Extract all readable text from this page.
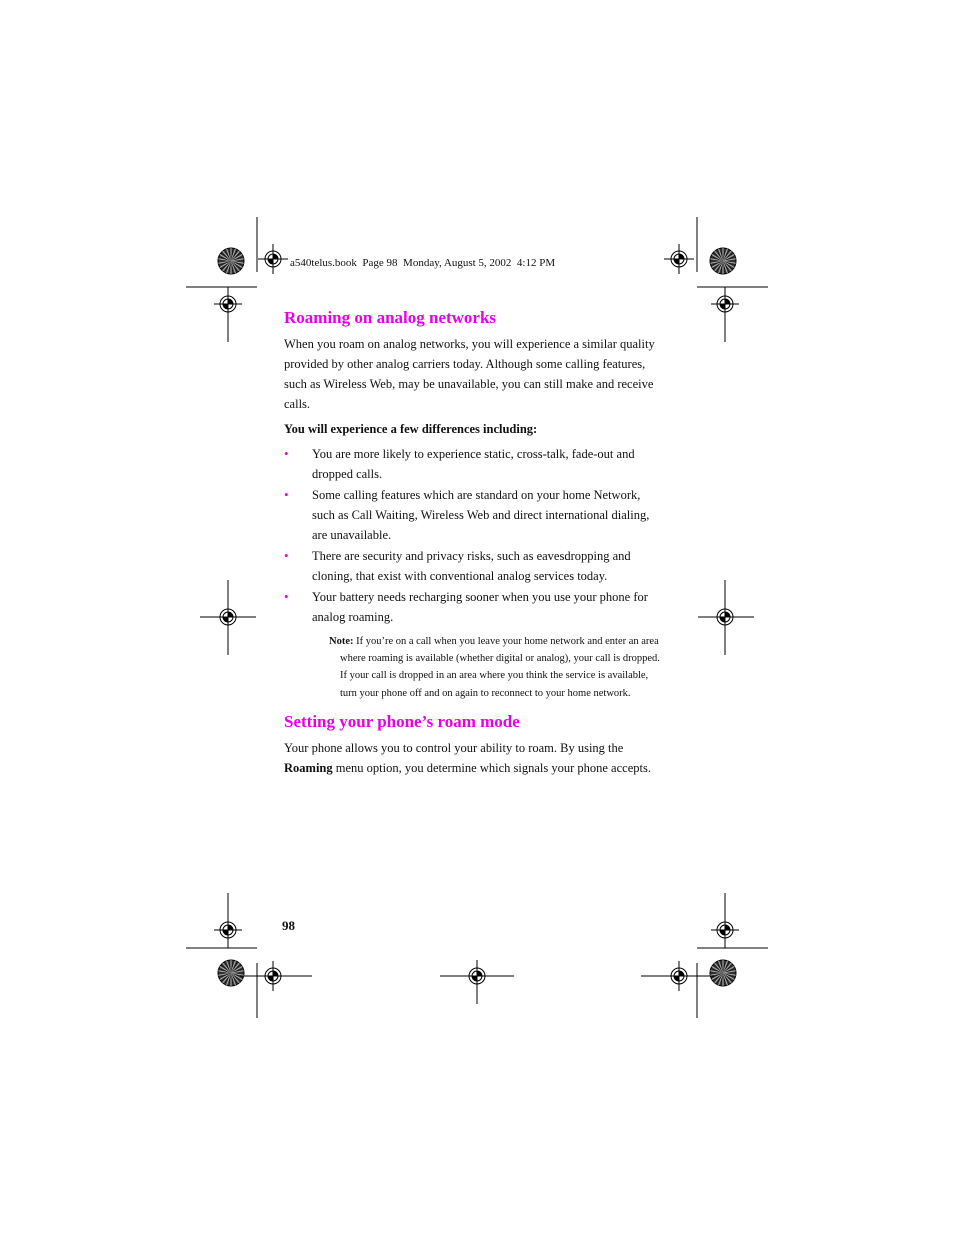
a540telus.book  Page 98  Monday, August 5, 2002  4:12 PM
Roaming on analog networks

When you roam on analog networks, you will experience a similar quality provided by other analog carriers today. Although some calling features, such as Wireless Web, may be unavailable, you can still make and receive calls.

You will experience a few differences including:

• You are more likely to experience static, cross-talk, fade-out and dropped calls.
• Some calling features which are standard on your home Network, such as Call Waiting, Wireless Web and direct international dialing, are unavailable.
• There are security and privacy risks, such as eavesdropping and cloning, that exist with conventional analog services today.
• Your battery needs recharging sooner when you use your phone for analog roaming.

Note: If you’re on a call when you leave your home network and enter an area where roaming is available (whether digital or analog), your call is dropped. If your call is dropped in an area where you think the service is available, turn your phone off and on again to reconnect to your home network.

Setting your phone’s roam mode

Your phone allows you to control your ability to roam. By using the Roaming menu option, you determine which signals your phone accepts.

98
